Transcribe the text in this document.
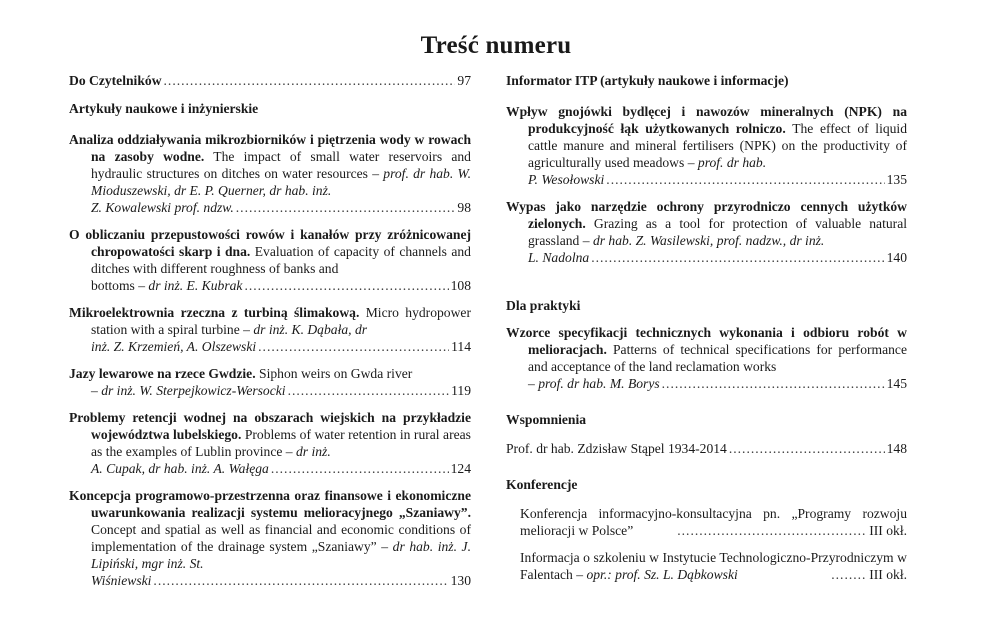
Treść numeru
Do Czytelników .....	97
Artykuły naukowe i inżynierskie
Analiza oddziaływania mikrozbiorników i piętrzenia wody w rowach na zasoby wodne. The impact of small water reservoirs and hydraulic structures on ditches on water resources – prof. dr hab. W. Mioduszewski, dr E. P. Querner, dr hab. inż.
Z. Kowalewski prof. ndzw. .....	98
O obliczaniu przepustowości rowów i kanałów przy zróżnicowanej chropowatości skarp i dna. Evaluation of capacity of channels and ditches with different roughness of banks and
bottoms – dr inż. E. Kubrak .....	108
Mikroelektrownia rzeczna z turbiną ślimakową. Micro hydropower station with a spiral turbine – dr inż. K. Dąbała, dr
inż. Z. Krzemień, A. Olszewski .....	114
Jazy lewarowe na rzece Gwdzie. Siphon weirs on Gwda river
– dr inż. W. Sterpejkowicz-Wersocki .....	119
Problemy retencji wodnej na obszarach wiejskich na przykładzie województwa lubelskiego. Problems of water retention in rural areas as the examples of Lublin province – dr inż.
A. Cupak, dr hab. inż. A. Wałęga .....	124
Koncepcja programowo-przestrzenna oraz finansowe i ekonomiczne uwarunkowania realizacji systemu melioracyjnego „Szaniawy”. Concept and spatial as well as financial and economic conditions of implementation of the drainage system „Szaniawy” – dr hab. inż. J. Lipiński, mgr inż. St.
Wiśniewski .....	130
Informator ITP (artykuły naukowe i informacje)
Wpływ gnojówki bydlęcej i nawozów mineralnych (NPK) na produkcyjność łąk użytkowanych rolniczo. The effect of liquid cattle manure and mineral fertilisers (NPK) on the productivity of agriculturally used meadows – prof. dr hab.
P. Wesołowski .....	135
Wypas jako narzędzie ochrony przyrodniczo cennych użytków zielonych. Grazing as a tool for protection of valuable natural grassland – dr hab. Z. Wasilewski, prof. nadzw., dr inż.
L. Nadolna .....	140
Dla praktyki
Wzorce specyfikacji technicznych wykonania i odbioru robót w melioracjach. Patterns of technical specifications for performance and acceptance of the land reclamation works
– prof. dr hab. M. Borys .....	145
Wspomnienia
Prof. dr hab. Zdzisław Stąpel 1934-2014 .....	148
Konferencje
Konferencja informacyjno-konsultacyjna pn. „Programy rozwoju melioracji w Polsce” .....	III okł.
Informacja o szkoleniu w Instytucie Technologiczno-Przyrodniczym w Falentach – opr.: prof. Sz. L. Dąbkowski .....	III okł.
